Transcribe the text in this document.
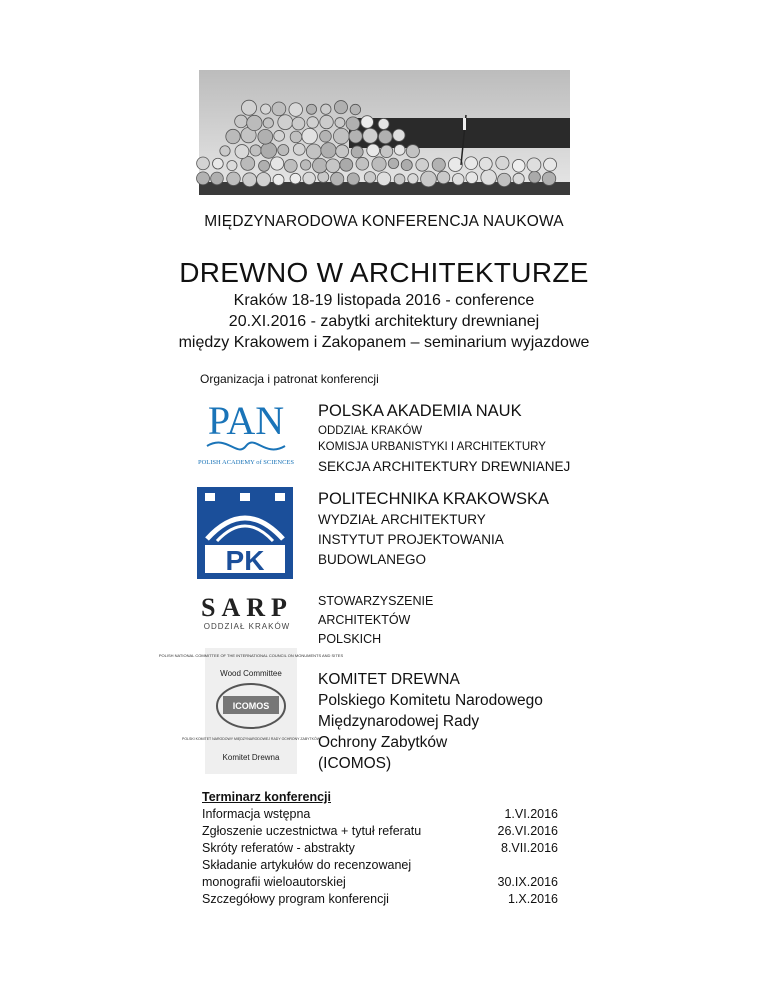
MIĘDZYNARODOWA KONFERENCJA NAUKOWA
DREWNO W ARCHITEKTURZE
Kraków 18-19 listopada 2016 - conference
20.XI.2016 - zabytki architektury drewnianej
między Krakowem i Zakopanem – seminarium wyjazdowe
Organizacja i patronat konferencji
PAN
POLISH ACADEMY of SCIENCES
POLSKA AKADEMIA NAUK
ODDZIAŁ KRAKÓW
KOMISJA URBANISTYKI I ARCHITEKTURY
SEKCJA ARCHITEKTURY DREWNIANEJ
PK
POLITECHNIKA KRAKOWSKA
WYDZIAŁ ARCHITEKTURY
INSTYTUT PROJEKTOWANIA
BUDOWLANEGO
SARP
ODDZIAŁ KRAKÓW
STOWARZYSZENIE
ARCHITEKTÓW
POLSKICH
POLISH NATIONAL COMMITTEE OF THE INTERNATIONAL COUNCIL ON MONUMENTS AND SITES
Wood Committee
ICOMOS
POLSKI KOMITET NARODOWY MIĘDZYNARODOWEJ RADY OCHRONY ZABYTKÓW
Komitet Drewna
KOMITET DREWNA
Polskiego Komitetu Narodowego
Międzynarodowej Rady
Ochrony Zabytków
(ICOMOS)
Terminarz konferencji
Informacja wstępna	1.VI.2016
Zgłoszenie uczestnictwa + tytuł referatu	26.VI.2016
Skróty referatów - abstrakty	8.VII.2016
Składanie artykułów do recenzowanej
monografii wieloautorskiej	30.IX.2016
Szczegółowy program konferencji	1.X.2016
